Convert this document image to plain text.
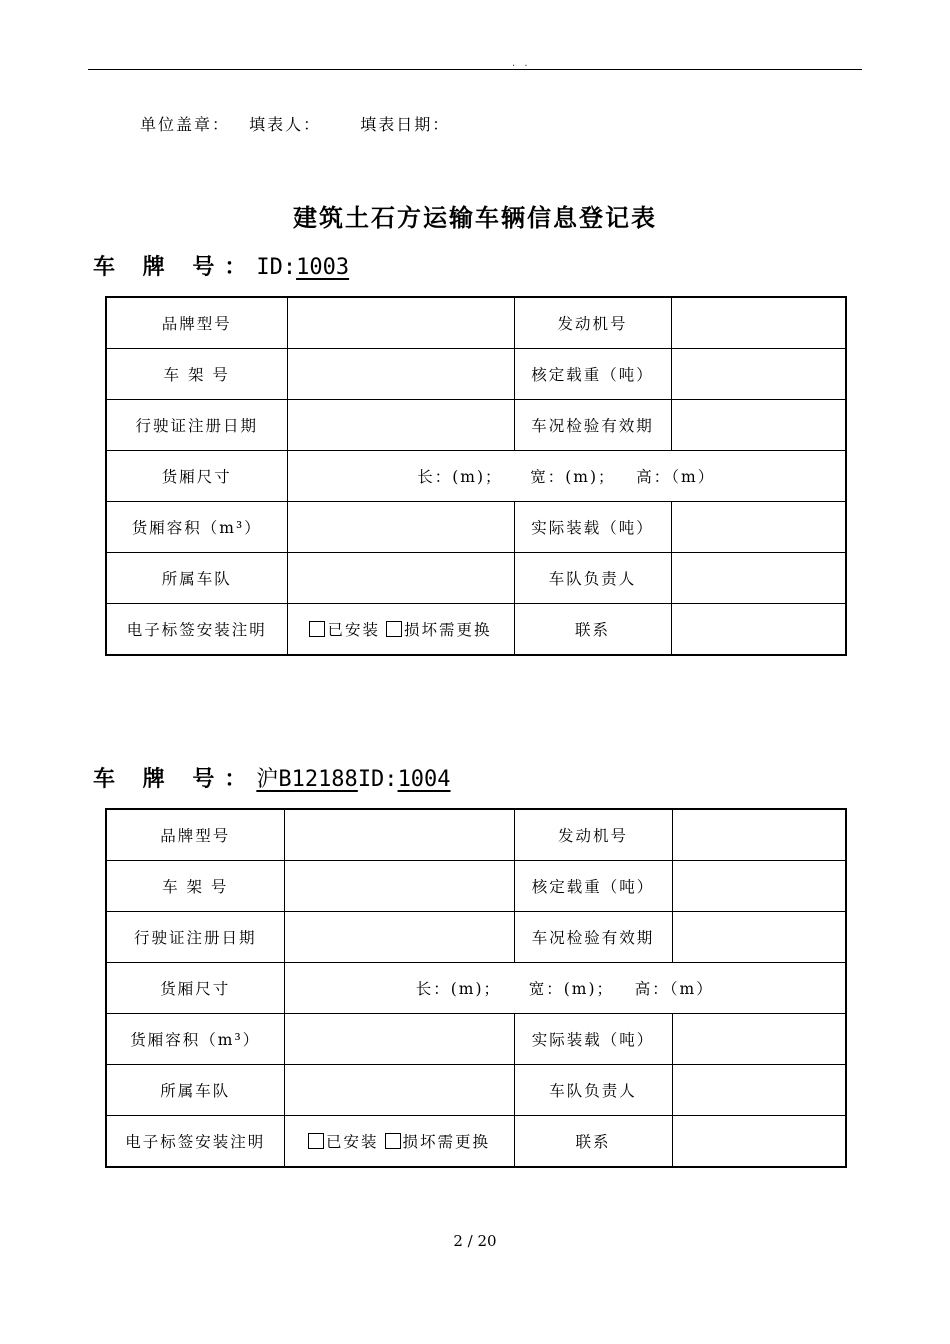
. .
单位盖章： 填表人： 填表日期：
建筑土石方运输车辆信息登记表
车 牌 号：ID:1003
品牌型号		发动机号	
车 架 号		核定载重（吨）	
行驶证注册日期		车况检验有效期	
货厢尺寸	长：(m)；    宽：(m)；   高：（m）		
货厢容积（m³）		实际装载（吨）	
所属车队		车队负责人	
电子标签安装注明	已安装 损坏需更换	联系	
车 牌 号：沪B12188ID:1004
品牌型号		发动机号	
车 架 号		核定载重（吨）	
行驶证注册日期		车况检验有效期	
货厢尺寸	长：(m)；    宽：(m)；   高：（m）		
货厢容积（m³）		实际装载（吨）	
所属车队		车队负责人	
电子标签安装注明	已安装 损坏需更换	联系	
2 / 20
